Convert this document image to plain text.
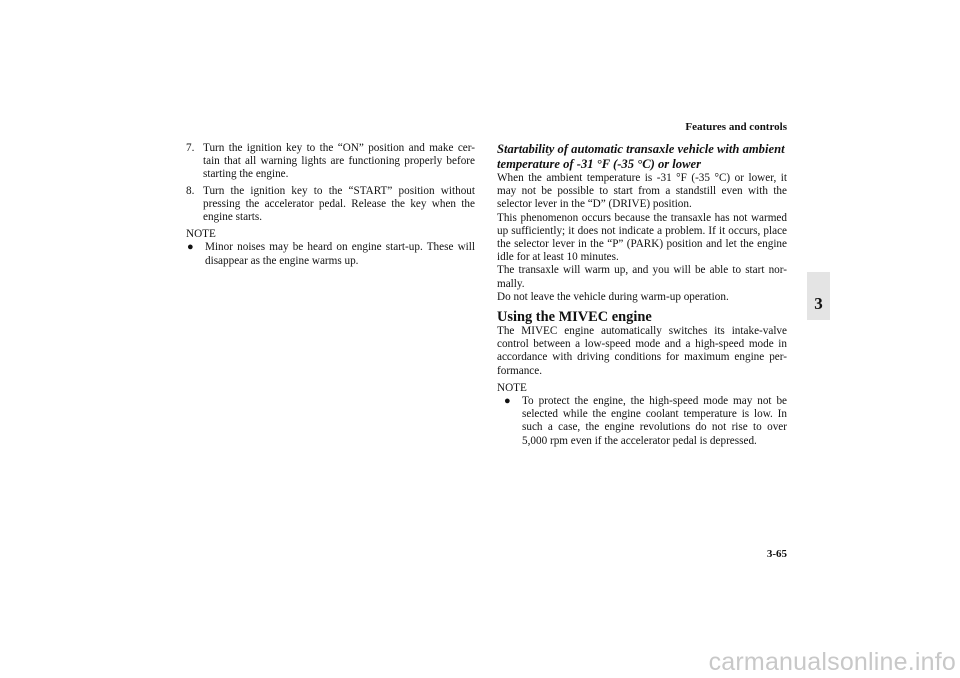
Features and controls
3
7. Turn the ignition key to the “ON” position and make cer-tain that all warning lights are functioning properly before starting the engine.
8. Turn the ignition key to the “START” position without pressing the accelerator pedal. Release the key when the engine starts.
NOTE
●	Minor noises may be heard on engine start-up. These will disappear as the engine warms up.
Startability of automatic transaxle vehicle with ambient temperature of -31 °F (-35 °C) or lower

When the ambient temperature is -31 °F (-35 °C) or lower, it may not be possible to start from a standstill even with the selector lever in the “D” (DRIVE) position.

This phenomenon occurs because the transaxle has not warmed up sufficiently; it does not indicate a problem. If it occurs, place the selector lever in the “P” (PARK) position and let the engine idle for at least 10 minutes.

The transaxle will warm up, and you will be able to start nor-mally.

Do not leave the vehicle during warm-up operation.

Using the MIVEC engine

The MIVEC engine automatically switches its intake-valve control between a low-speed mode and a high-speed mode in accordance with driving conditions for maximum engine per-formance.

NOTE
●	To protect the engine, the high-speed mode may not be selected while the engine coolant temperature is low. In such a case, the engine revolutions do not rise to over 5,000 rpm even if the accelerator pedal is depressed.
3-65
carmanualsonline.info
